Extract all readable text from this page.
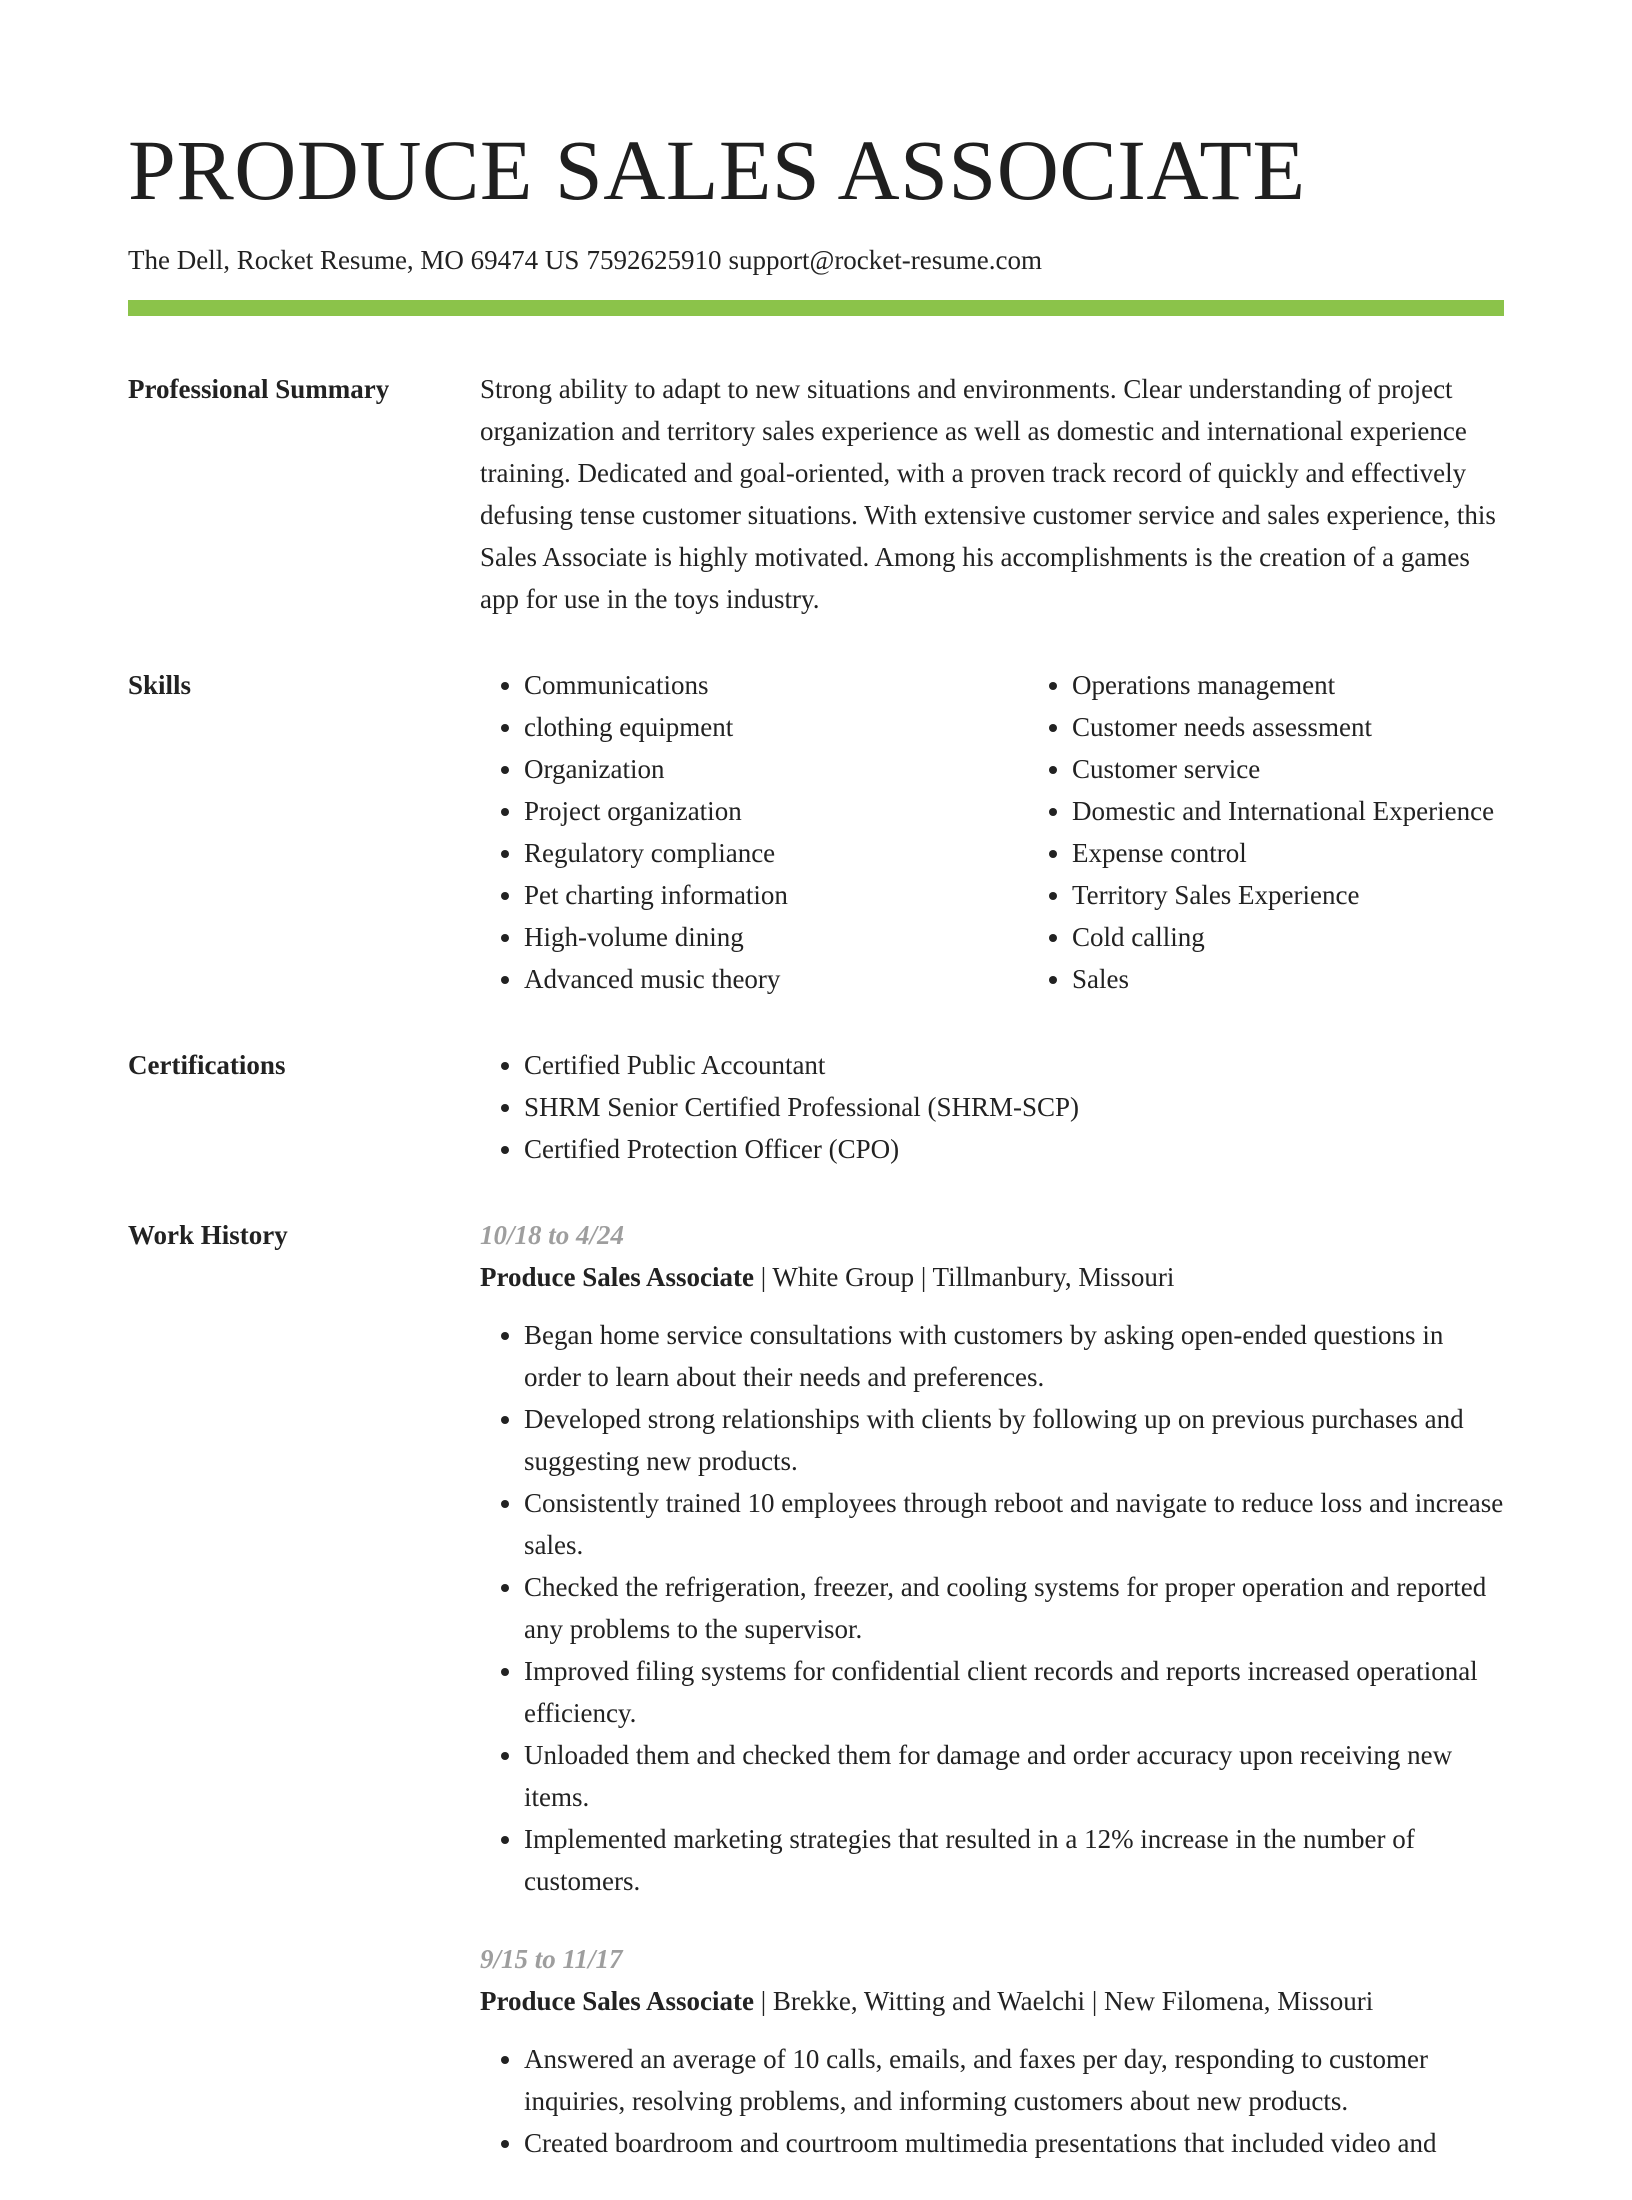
PRODUCE SALES ASSOCIATE
The Dell, Rocket Resume, MO 69474 US 7592625910 support@rocket-resume.com
Professional Summary	Strong ability to adapt to new situations and environments. Clear understanding of project organization and territory sales experience as well as domestic and international experience training. Dedicated and goal-oriented, with a proven track record of quickly and effectively defusing tense customer situations. With extensive customer service and sales experience, this Sales Associate is highly motivated. Among his accomplishments is the creation of a games app for use in the toys industry.

Skills	• Communications
• clothing equipment
• Organization
• Project organization
• Regulatory compliance
• Pet charting information
• High-volume dining
• Advanced music theory
• Operations management
• Customer needs assessment
• Customer service
• Domestic and International Experience
• Expense control
• Territory Sales Experience
• Cold calling
• Sales
Certifications	• Certified Public Accountant
• SHRM Senior Certified Professional (SHRM-SCP)
• Certified Protection Officer (CPO)
Work History	10/18 to 4/24
Produce Sales Associate | White Group | Tillmanbury, Missouri
• Began home service consultations with customers by asking open-ended questions in order to learn about their needs and preferences.
• Developed strong relationships with clients by following up on previous purchases and suggesting new products.
• Consistently trained 10 employees through reboot and navigate to reduce loss and increase sales.
• Checked the refrigeration, freezer, and cooling systems for proper operation and reported any problems to the supervisor.
• Improved filing systems for confidential client records and reports increased operational efficiency.
• Unloaded them and checked them for damage and order accuracy upon receiving new items.
• Implemented marketing strategies that resulted in a 12% increase in the number of customers.
9/15 to 11/17
Produce Sales Associate | Brekke, Witting and Waelchi | New Filomena, Missouri
• Answered an average of 10 calls, emails, and faxes per day, responding to customer inquiries, resolving problems, and informing customers about new products.
• Created boardroom and courtroom multimedia presentations that included video and
